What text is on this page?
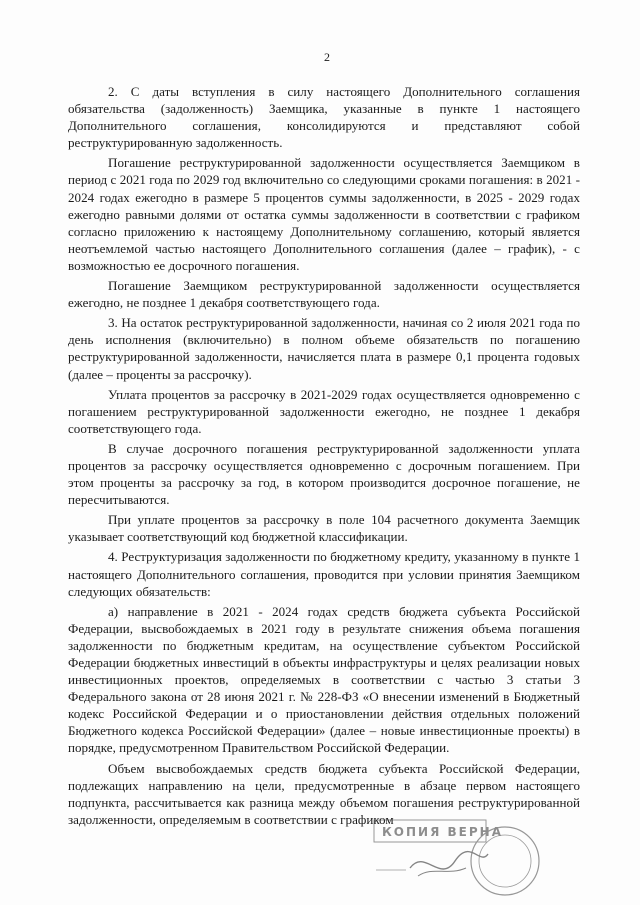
2

2. С даты вступления в силу настоящего Дополнительного соглашения обязательства (задолженность) Заемщика, указанные в пункте 1 настоящего Дополнительного соглашения, консолидируются и представляют собой реструктурированную задолженность.

Погашение реструктурированной задолженности осуществляется Заемщиком в период с 2021 года по 2029 год включительно со следующими сроками погашения: в 2021 - 2024 годах ежегодно в размере 5 процентов суммы задолженности, в 2025 - 2029 годах ежегодно равными долями от остатка суммы задолженности в соответствии с графиком согласно приложению к настоящему Дополнительному соглашению, который является неотъемлемой частью настоящего Дополнительного соглашения (далее – график), - с возможностью ее досрочного погашения.

Погашение Заемщиком реструктурированной задолженности осуществляется ежегодно, не позднее 1 декабря соответствующего года.

3. На остаток реструктурированной задолженности, начиная со 2 июля 2021 года по день исполнения (включительно) в полном объеме обязательств по погашению реструктурированной задолженности, начисляется плата в размере 0,1 процента годовых (далее – проценты за рассрочку).

Уплата процентов за рассрочку в 2021-2029 годах осуществляется одновременно с погашением реструктурированной задолженности ежегодно, не позднее 1 декабря соответствующего года.

В случае досрочного погашения реструктурированной задолженности уплата процентов за рассрочку осуществляется одновременно с досрочным погашением. При этом проценты за рассрочку за год, в котором производится досрочное погашение, не пересчитываются.

При уплате процентов за рассрочку в поле 104 расчетного документа Заемщик указывает соответствующий код бюджетной классификации.

4. Реструктуризация задолженности по бюджетному кредиту, указанному в пункте 1 настоящего Дополнительного соглашения, проводится при условии принятия Заемщиком следующих обязательств:

а) направление в 2021 - 2024 годах средств бюджета субъекта Российской Федерации, высвобождаемых в 2021 году в результате снижения объема погашения задолженности по бюджетным кредитам, на осуществление субъектом Российской Федерации бюджетных инвестиций в объекты инфраструктуры и целях реализации новых инвестиционных проектов, определяемых в соответствии с частью 3 статьи 3 Федерального закона от 28 июня 2021 г. № 228-ФЗ «О внесении изменений в Бюджетный кодекс Российской Федерации и о приостановлении действия отдельных положений Бюджетного кодекса Российской Федерации» (далее – новые инвестиционные проекты) в порядке, предусмотренном Правительством Российской Федерации.

Объем высвобождаемых средств бюджета субъекта Российской Федерации, подлежащих направлению на цели, предусмотренные в абзаце первом настоящего подпункта, рассчитывается как разница между объемом погашения реструктурированной задолженности, определяемым в соответствии с графиком

КОПИЯ ВЕРНА
